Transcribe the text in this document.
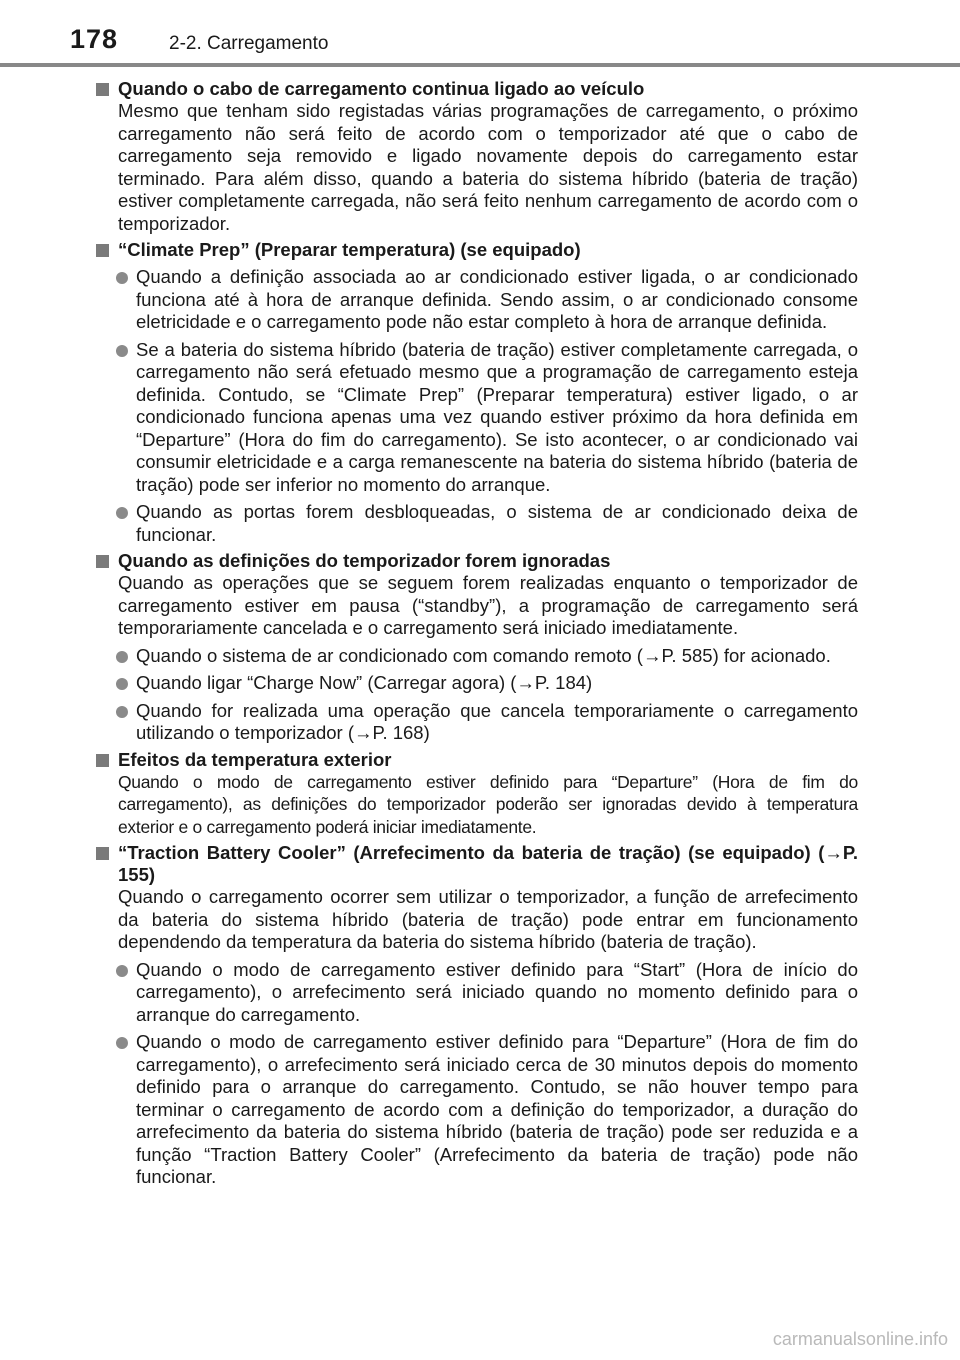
178	2-2. Carregamento
Quando o cabo de carregamento continua ligado ao veículo
Mesmo que tenham sido registadas várias programações de carregamento, o próximo carregamento não será feito de acordo com o temporizador até que o cabo de carregamento seja removido e ligado novamente depois do carregamento estar terminado. Para além disso, quando a bateria do sistema híbrido (bateria de tração) estiver completamente carregada, não será feito nenhum carregamento de acordo com o temporizador.
“Climate Prep” (Preparar temperatura) (se equipado)
Quando a definição associada ao ar condicionado estiver ligada, o ar condicionado funciona até à hora de arranque definida. Sendo assim, o ar condicionado consome eletricidade e o carregamento pode não estar completo à hora de arranque definida.
Se a bateria do sistema híbrido (bateria de tração) estiver completamente carregada, o carregamento não será efetuado mesmo que a programação de carregamento esteja definida. Contudo, se “Climate Prep” (Preparar temperatura) estiver ligado, o ar condicionado funciona apenas uma vez quando estiver próximo da hora definida em “Departure” (Hora do fim do carregamento). Se isto acontecer, o ar condicionado vai consumir eletricidade e a carga remanescente na bateria do sistema híbrido (bateria de tração) pode ser inferior no momento do arranque.
Quando as portas forem desbloqueadas, o sistema de ar condicionado deixa de funcionar.
Quando as definições do temporizador forem ignoradas
Quando as operações que se seguem forem realizadas enquanto o temporizador de carregamento estiver em pausa (“standby”), a programação de carregamento será temporariamente cancelada e o carregamento será iniciado imediatamente.
Quando o sistema de ar condicionado com comando remoto (→P. 585) for acionado.
Quando ligar “Charge Now” (Carregar agora) (→P. 184)
Quando for realizada uma operação que cancela temporariamente o carregamento utilizando o temporizador (→P. 168)
Efeitos da temperatura exterior
Quando o modo de carregamento estiver definido para “Departure” (Hora de fim do carregamento), as definições do temporizador poderão ser ignoradas devido à temperatura exterior e o carregamento poderá iniciar imediatamente.
“Traction Battery Cooler” (Arrefecimento da bateria de tração) (se equipado) (→P. 155)
Quando o carregamento ocorrer sem utilizar o temporizador, a função de arrefecimento da bateria do sistema híbrido (bateria de tração) pode entrar em funcionamento dependendo da temperatura da bateria do sistema híbrido (bateria de tração).
Quando o modo de carregamento estiver definido para “Start” (Hora de início do carregamento), o arrefecimento será iniciado quando no momento definido para o arranque do carregamento.
Quando o modo de carregamento estiver definido para “Departure” (Hora de fim do carregamento), o arrefecimento será iniciado cerca de 30 minutos depois do momento definido para o arranque do carregamento. Contudo, se não houver tempo para terminar o carregamento de acordo com a definição do temporizador, a duração do arrefecimento da bateria do sistema híbrido (bateria de tração) pode ser reduzida e a função “Traction Battery Cooler” (Arrefecimento da bateria de tração) pode não funcionar.
carmanualsonline.info
